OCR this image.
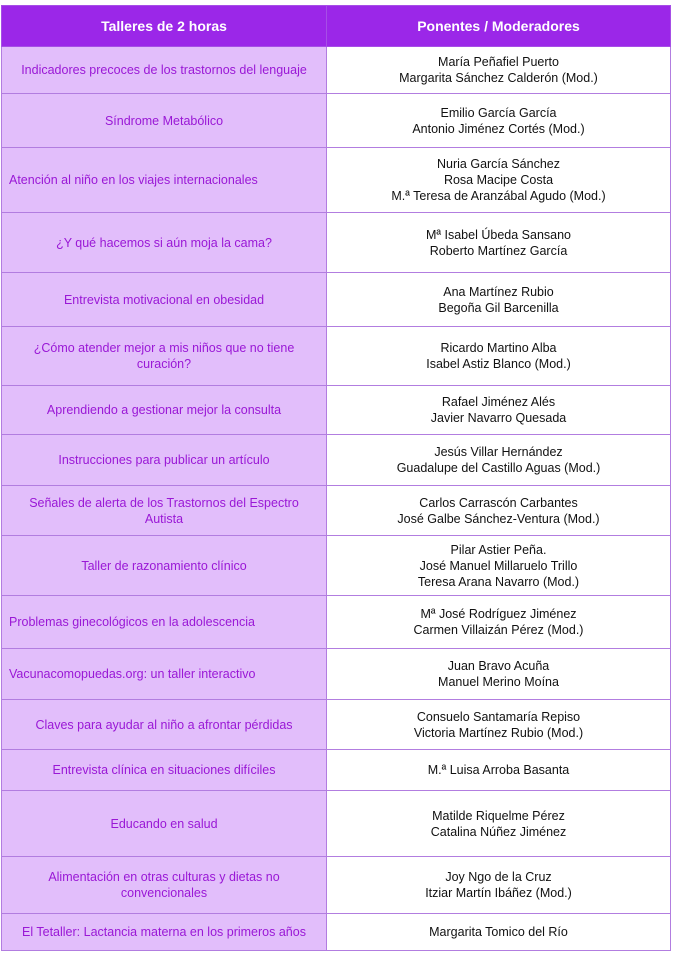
Talleres de 2 horas	Ponentes / Moderadores

Indicadores precoces de los trastornos del lenguaje	María Peñafiel Puerto
Margarita Sánchez Calderón (Mod.)

Síndrome Metabólico	Emilio García García
Antonio Jiménez Cortés (Mod.)

Atención al niño en los viajes internacionales	Nuria García Sánchez
Rosa Macipe Costa
M.ª Teresa de Aranzábal Agudo (Mod.)

¿Y qué hacemos si aún moja la cama?	Mª Isabel Úbeda Sansano
Roberto Martínez García

Entrevista motivacional en obesidad	Ana Martínez Rubio
Begoña Gil Barcenilla

¿Cómo atender mejor a mis niños que no tiene
curación?	Ricardo Martino Alba
Isabel Astiz Blanco (Mod.)

Aprendiendo a gestionar mejor la consulta	Rafael Jiménez Alés
Javier Navarro Quesada

Instrucciones para publicar un artículo	Jesús Villar Hernández
Guadalupe del Castillo Aguas (Mod.)

Señales de alerta de los Trastornos del Espectro
Autista	Carlos Carrascón Carbantes
José Galbe Sánchez-Ventura (Mod.)

Taller de razonamiento clínico	Pilar Astier Peña.
José Manuel Millaruelo Trillo
Teresa Arana Navarro (Mod.)

Problemas ginecológicos en la adolescencia	Mª José Rodríguez Jiménez
Carmen Villaizán Pérez (Mod.)

Vacunacomopuedas.org: un taller interactivo	Juan Bravo Acuña
Manuel Merino Moína

Claves para ayudar al niño a afrontar pérdidas	Consuelo Santamaría Repiso
Victoria Martínez Rubio (Mod.)

Entrevista clínica en situaciones difíciles	M.ª Luisa Arroba Basanta

Educando en salud	Matilde Riquelme Pérez
Catalina Núñez Jiménez

Alimentación en otras culturas y dietas no
convencionales	Joy Ngo de la Cruz
Itziar Martín Ibáñez (Mod.)

El Tetaller: Lactancia materna en los primeros años	Margarita Tomico del Río
